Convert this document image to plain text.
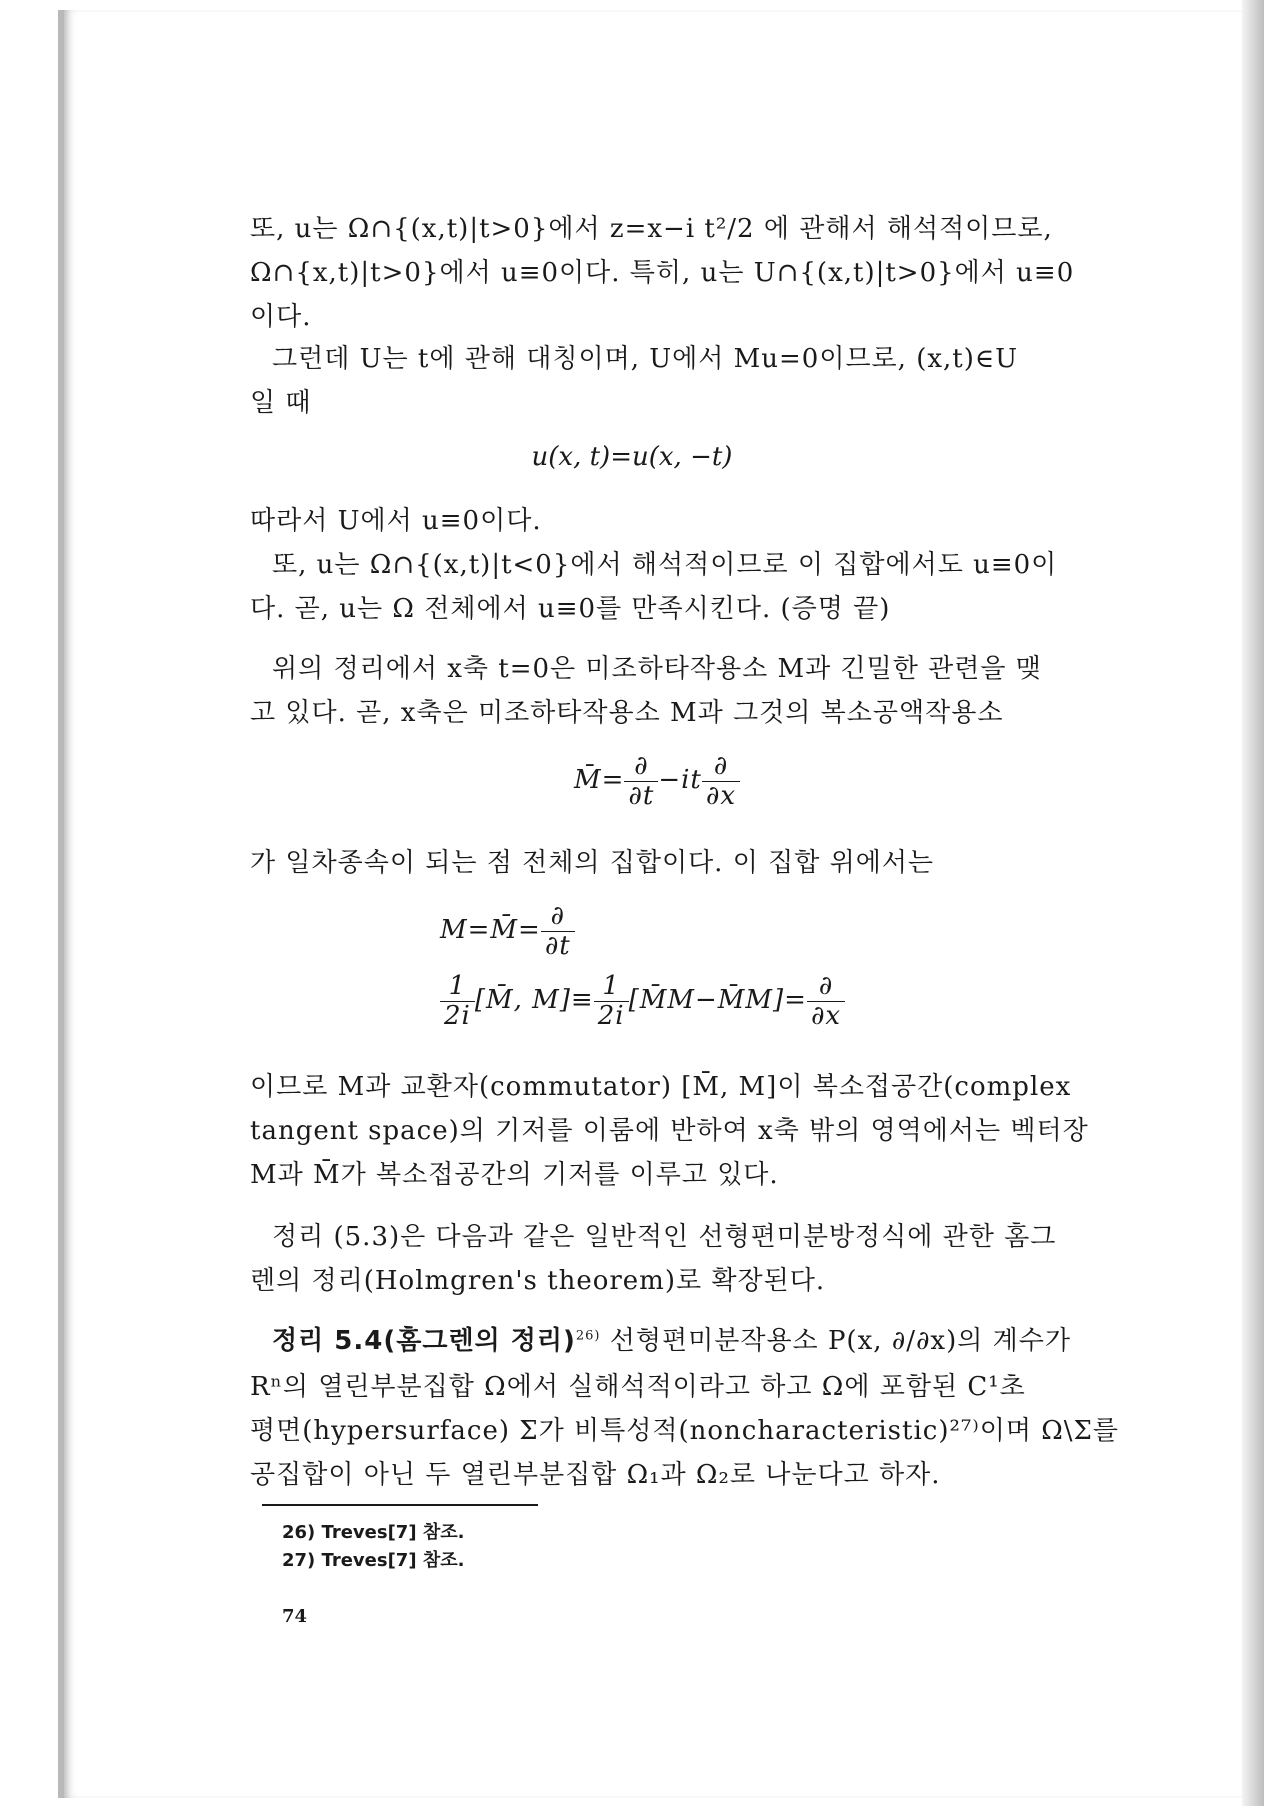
또, u는 Ω∩{(x,t)|t>0}에서 z=x−i t²/2 에 관해서 해석적이므로,
Ω∩{x,t)|t>0}에서 u≡0이다. 특히, u는 U∩{(x,t)|t>0}에서 u≡0
이다.
그런데 U는 t에 관해 대칭이며, U에서 Mu=0이므로, (x,t)∈U
일 때
u(x, t)=u(x, −t)
따라서 U에서 u≡0이다.
또, u는 Ω∩{(x,t)|t<0}에서 해석적이므로 이 집합에서도 u≡0이
다. 곧, u는 Ω 전체에서 u≡0를 만족시킨다. (증명 끝)
위의 정리에서 x축 t=0은 미조하타작용소 M과 긴밀한 관련을 맺
고 있다. 곧, x축은 미조하타작용소 M과 그것의 복소공액작용소
M̄= $\frac{\partial}{\partial t} -it \frac{\partial}{\partial x}$
가 일차종속이 되는 점 전체의 집합이다. 이 집합 위에서는
M=M̄= $\frac{\partial}{\partial t}$
$\frac{1}{2i}$ [M̄, $M]\equiv \frac{1}{2i}$ [M̄M−M̄M]= $\frac{\partial}{\partial x}$
이므로 M과 교환자(commutator) [M̄, M]이 복소접공간(complex
tangent space)의 기저를 이룸에 반하여 x축 밖의 영역에서는 벡터장
M과 M̄가 복소접공간의 기저를 이루고 있다.
정리 (5.3)은 다음과 같은 일반적인 선형편미분방정식에 관한 홈그
렌의 정리(Holmgren's theorem)로 확장된다.
정리 5.4(홈그렌의 정리)$^{26)}$ 선형편미분작용소 P(x, ∂/∂x)의 계수가
Rⁿ의 열린부분집합 Ω에서 실해석적이라고 하고 Ω에 포함된 C¹초
평면(hypersurface) Σ가 비특성적(noncharacteristic)²⁷⁾이며 Ω\Σ를
공집합이 아닌 두 열린부분집합 Ω₁과 Ω₂로 나눈다고 하자.
26) Treves[7] 참조.
27) Treves[7] 참조.
74
